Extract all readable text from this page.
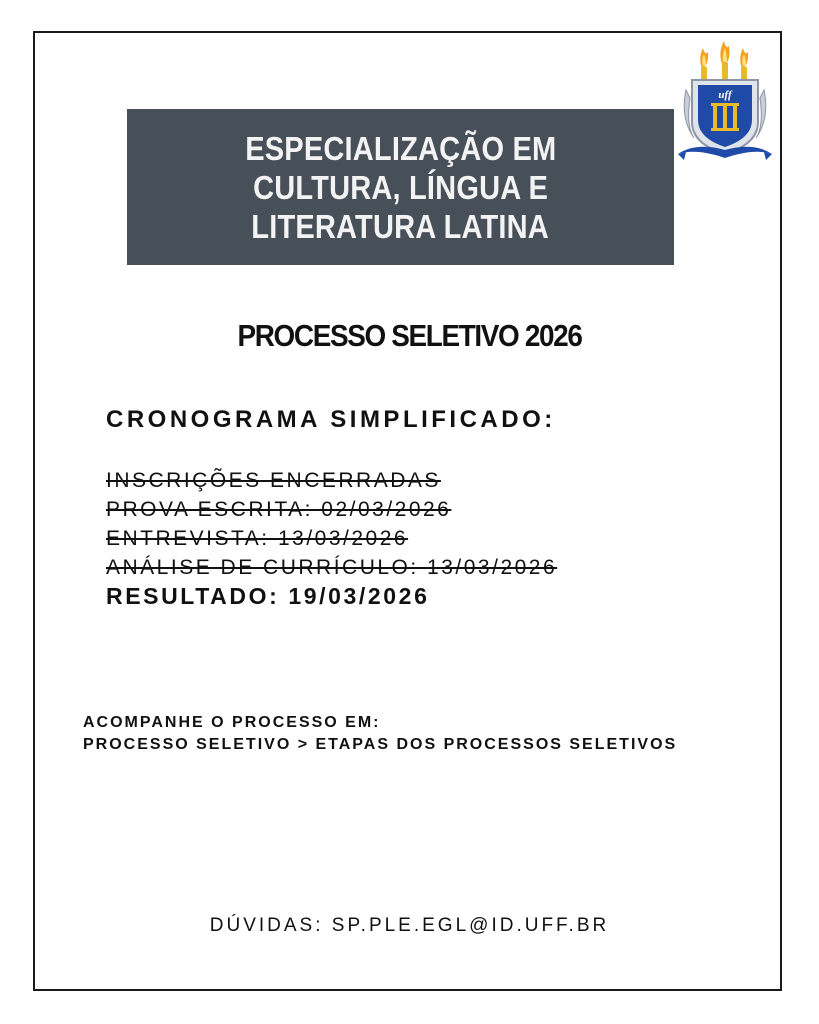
ESPECIALIZAÇÃO EM
CULTURA, LÍNGUA E
LITERATURA LATINA
uff
PROCESSO SELETIVO 2026
CRONOGRAMA SIMPLIFICADO:
INSCRIÇÕES ENCERRADAS
PROVA ESCRITA: 02/03/2026
ENTREVISTA: 13/03/2026
ANÁLISE DE CURRÍCULO: 13/03/2026
RESULTADO: 19/03/2026
ACOMPANHE O PROCESSO EM:
PROCESSO SELETIVO > ETAPAS DOS PROCESSOS SELETIVOS
DÚVIDAS: SP.PLE.EGL@ID.UFF.BR
